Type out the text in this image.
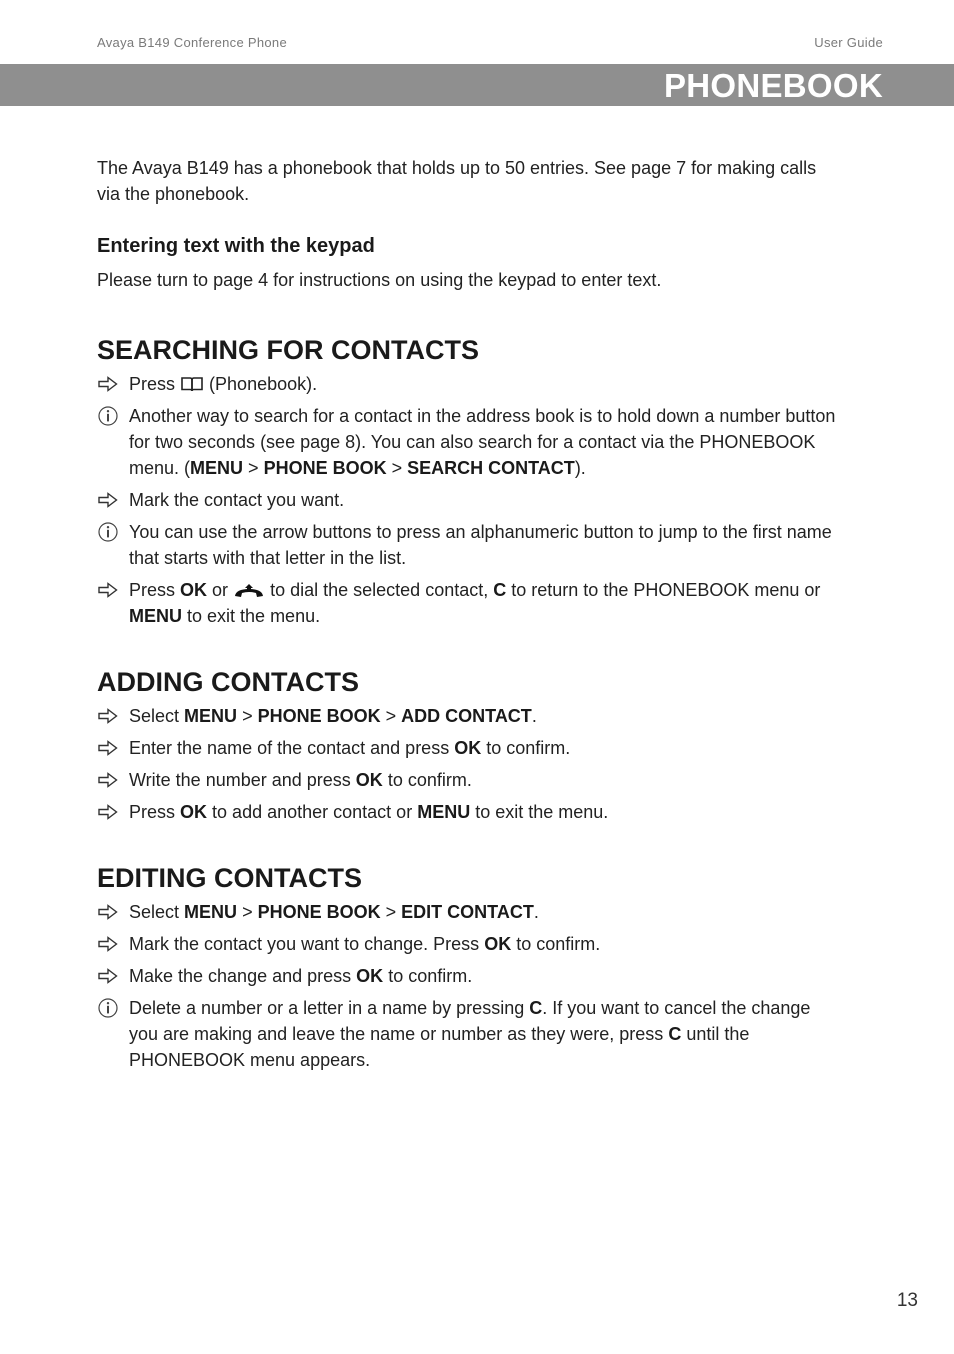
Avaya B149 Conference Phone	User Guide
PHONEBOOK

The Avaya B149 has a phonebook that holds up to 50 entries. See page 7 for making calls via the phonebook.

Entering text with the keypad

Please turn to page 4 for instructions on using the keypad to enter text.

SEARCHING FOR CONTACTS
Press (Phonebook).
Another way to search for a contact in the address book is to hold down a number button for two seconds (see page 8). You can also search for a contact via the PHONEBOOK menu. (MENU > PHONE BOOK > SEARCH CONTACT).
Mark the contact you want.
You can use the arrow buttons to press an alphanumeric button to jump to the first name that starts with that letter in the list.
Press OK or to dial the selected contact, C to return to the PHONEBOOK menu or MENU to exit the menu.
ADDING CONTACTS
Select MENU > PHONE BOOK > ADD CONTACT.
Enter the name of the contact and press OK to confirm.
Write the number and press OK to confirm.
Press OK to add another contact or MENU to exit the menu.
EDITING CONTACTS
Select MENU > PHONE BOOK > EDIT CONTACT.
Mark the contact you want to change. Press OK to confirm.
Make the change and press OK to confirm.
Delete a number or a letter in a name by pressing C. If you want to cancel the change you are making and leave the name or number as they were, press C until the PHONEBOOK menu appears.
13
